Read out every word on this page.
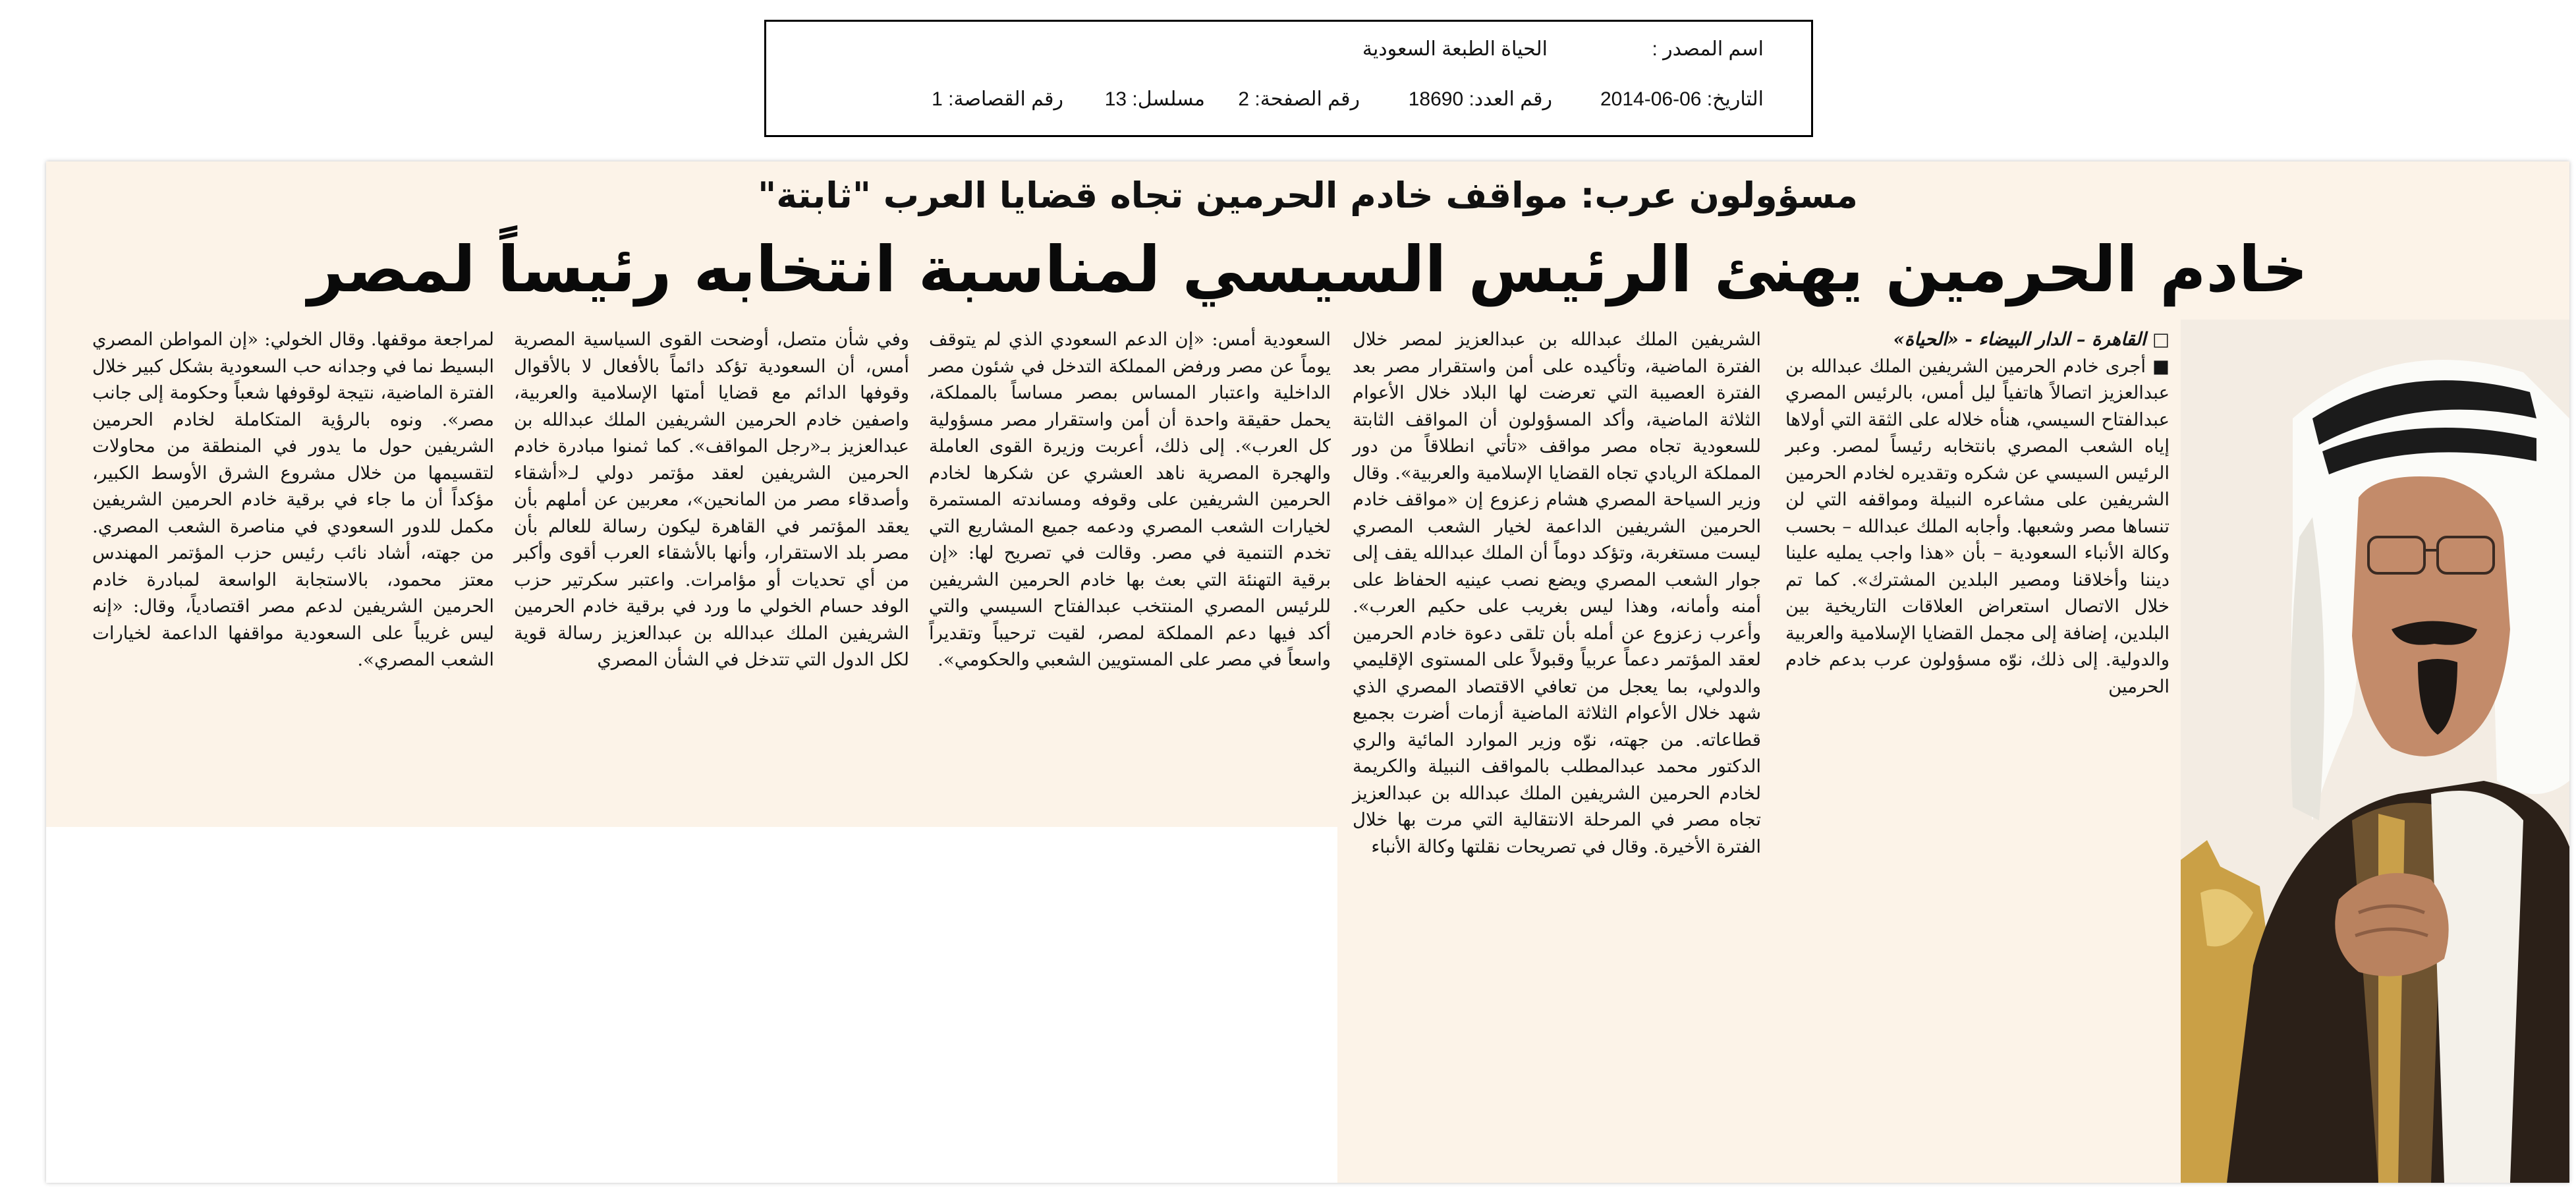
اسم المصدر :
الحياة الطبعة السعودية
التاريخ: 06-06-2014
رقم العدد: 18690
رقم الصفحة: 2
مسلسل: 13
رقم القصاصة: 1
مسؤولون عرب: مواقف خادم الحرمين تجاه قضايا العرب "ثابتة"
خادم الحرمين يهنئ الرئيس السيسي لمناسبة انتخابه رئيساً لمصر

□ القاهرة – الدار البيضاء - «الحياة»

■ أجرى خادم الحرمين الشريفين الملك عبدالله بن عبدالعزيز اتصالاً هاتفياً ليل أمس، بالرئيس المصري عبدالفتاح السيسي، هنأه خلاله على الثقة التي أولاها إياه الشعب المصري بانتخابه رئيساً لمصر. وعبر الرئيس السيسي عن شكره وتقديره لخادم الحرمين الشريفين على مشاعره النبيلة ومواقفه التي لن تنساها مصر وشعبها. وأجابه الملك عبدالله – بحسب وكالة الأنباء السعودية – بأن «هذا واجب يمليه علينا ديننا وأخلاقنا ومصير البلدين المشترك». كما تم خلال الاتصال استعراض العلاقات التاريخية بين البلدين، إضافة إلى مجمل القضايا الإسلامية والعربية والدولية. إلى ذلك، نوّه مسؤولون عرب بدعم خادم الحرمين

الشريفين الملك عبدالله بن عبدالعزيز لمصر خلال الفترة الماضية، وتأكيده على أمن واستقرار مصر بعد الفترة العصيبة التي تعرضت لها البلاد خلال الأعوام الثلاثة الماضية، وأكد المسؤولون أن المواقف الثابتة للسعودية تجاه مصر مواقف «تأتي انطلاقاً من دور المملكة الريادي تجاه القضايا الإسلامية والعربية». وقال وزير السياحة المصري هشام زعزوع إن «مواقف خادم الحرمين الشريفين الداعمة لخيار الشعب المصري ليست مستغربة، وتؤكد دوماً أن الملك عبدالله يقف إلى جوار الشعب المصري ويضع نصب عينيه الحفاظ على أمنه وأمانه، وهذا ليس بغريب على حكيم العرب». وأعرب زعزوع عن أمله بأن تلقى دعوة خادم الحرمين لعقد المؤتمر دعماً عربياً وقبولاً على المستوى الإقليمي والدولي، بما يعجل من تعافي الاقتصاد المصري الذي شهد خلال الأعوام الثلاثة الماضية أزمات أضرت بجميع قطاعاته. من جهته، نوّه وزير الموارد المائية والري الدكتور محمد عبدالمطلب بالمواقف النبيلة والكريمة لخادم الحرمين الشريفين الملك عبدالله بن عبدالعزيز تجاه مصر في المرحلة الانتقالية التي مرت بها خلال الفترة الأخيرة. وقال في تصريحات نقلتها وكالة الأنباء

السعودية أمس: «إن الدعم السعودي الذي لم يتوقف يوماً عن مصر ورفض المملكة التدخل في شئون مصر الداخلية واعتبار المساس بمصر مساساً بالمملكة، يحمل حقيقة واحدة أن أمن واستقرار مصر مسؤولية كل العرب». إلى ذلك، أعربت وزيرة القوى العاملة والهجرة المصرية ناهد العشري عن شكرها لخادم الحرمين الشريفين على وقوفه ومساندته المستمرة لخيارات الشعب المصري ودعمه جميع المشاريع التي تخدم التنمية في مصر. وقالت في تصريح لها: «إن برقية التهنئة التي بعث بها خادم الحرمين الشريفين للرئيس المصري المنتخب عبدالفتاح السيسي والتي أكد فيها دعم المملكة لمصر، لقيت ترحيباً وتقديراً واسعاً في مصر على المستويين الشعبي والحكومي».

وفي شأن متصل، أوضحت القوى السياسية المصرية أمس، أن السعودية تؤكد دائماً بالأفعال لا بالأقوال وقوفها الدائم مع قضايا أمتها الإسلامية والعربية، واصفين خادم الحرمين الشريفين الملك عبدالله بن عبدالعزيز بـ«رجل المواقف». كما ثمنوا مبادرة خادم الحرمين الشريفين لعقد مؤتمر دولي لـ«أشقاء وأصدقاء مصر من المانحين»، معربين عن أملهم بأن يعقد المؤتمر في القاهرة ليكون رسالة للعالم بأن مصر بلد الاستقرار، وأنها بالأشقاء العرب أقوى وأكبر من أي تحديات أو مؤامرات. واعتبر سكرتير حزب الوفد حسام الخولي ما ورد في برقية خادم الحرمين الشريفين الملك عبدالله بن عبدالعزيز رسالة قوية لكل الدول التي تتدخل في الشأن المصري

لمراجعة موقفها. وقال الخولي: «إن المواطن المصري البسيط نما في وجدانه حب السعودية بشكل كبير خلال الفترة الماضية، نتيجة لوقوفها شعباً وحكومة إلى جانب مصر». ونوه بالرؤية المتكاملة لخادم الحرمين الشريفين حول ما يدور في المنطقة من محاولات لتقسيمها من خلال مشروع الشرق الأوسط الكبير، مؤكداً أن ما جاء في برقية خادم الحرمين الشريفين مكمل للدور السعودي في مناصرة الشعب المصري. من جهته، أشاد نائب رئيس حزب المؤتمر المهندس معتز محمود، بالاستجابة الواسعة لمبادرة خادم الحرمين الشريفين لدعم مصر اقتصادياً، وقال: «إنه ليس غريباً على السعودية مواقفها الداعمة لخيارات الشعب المصري».
